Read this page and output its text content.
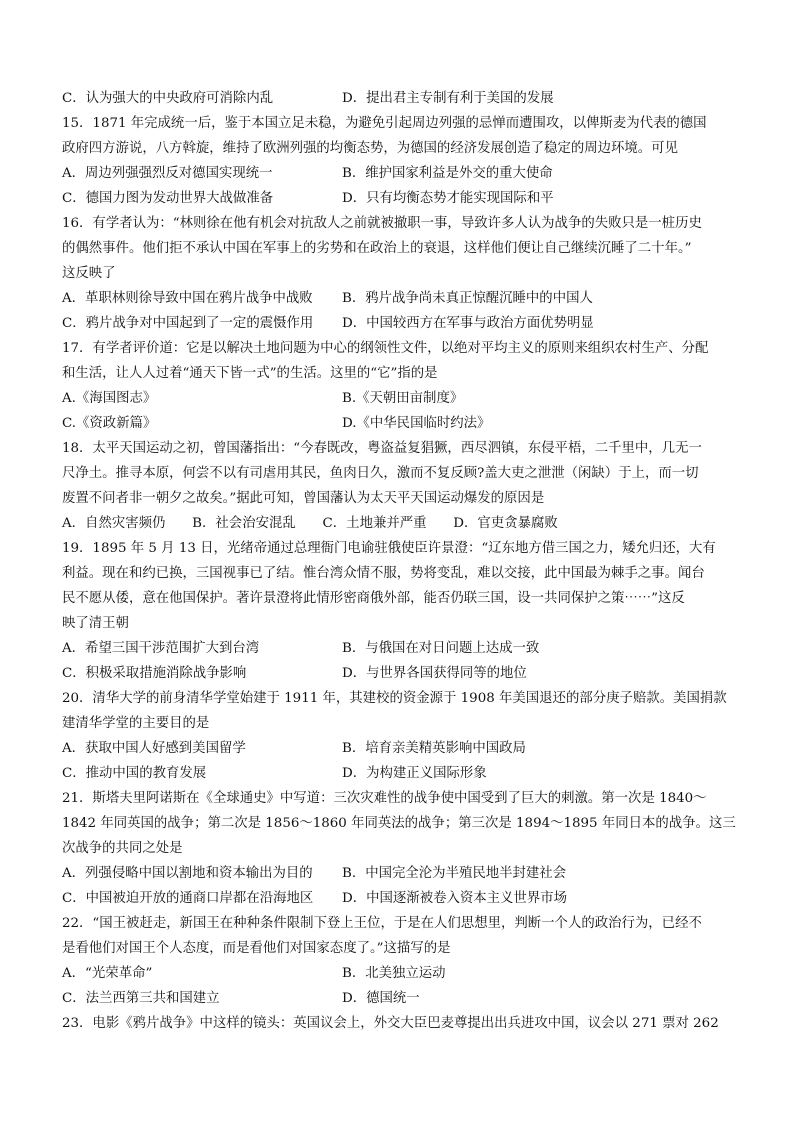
C．认为强大的中央政府可消除内乱	D．提出君主专制有利于美国的发展
15．1871 年完成统一后，鉴于本国立足未稳，为避免引起周边列强的忌惮而遭围攻，以俾斯麦为代表的德国
政府四方游说，八方斡旋，维持了欧洲列强的均衡态势，为德国的经济发展创造了稳定的周边环境。可见
A．周边列强强烈反对德国实现统一	B．维护国家利益是外交的重大使命
C．德国力图为发动世界大战做准备	D．只有均衡态势才能实现国际和平
16．有学者认为：“林则徐在他有机会对抗敌人之前就被撤职一事，导致许多人认为战争的失败只是一桩历史
的偶然事件。他们拒不承认中国在军事上的劣势和在政治上的衰退，这样他们便让自己继续沉睡了二十年。”
这反映了
A．革职林则徐导致中国在鸦片战争中战败 B．鸦片战争尚未真正惊醒沉睡中的中国人
C．鸦片战争对中国起到了一定的震慑作用 D．中国较西方在军事与政治方面优势明显
17．有学者评价道：它是以解决土地问题为中心的纲领性文件，以绝对平均主义的原则来组织农村生产、分配
和生活，让人人过着“通天下皆一式”的生活。这里的“它”指的是
A.《海国图志》	B.《天朝田亩制度》
C.《资政新篇》	D.《中华民国临时约法》
18．太平天国运动之初，曾国藩指出：“今春既改，粤盗益复猖獗，西尽泗镇，东侵平梧，二千里中，几无一
尺净土。推寻本原，何尝不以有司虐用其民，鱼肉日久，激而不复反顾?盖大吏之泄泄（闲缺）于上，而一切
废置不问者非一朝夕之故矣。”据此可知，曾国藩认为太天平天国运动爆发的原因是
A．自然灾害频仍　　B．社会治安混乱　　C．土地兼并严重　　D．官吏贪暴腐败
19．1895 年 5 月 13 日，光绪帝通过总理衙门电谕驻俄使臣许景澄：“辽东地方借三国之力，矮允归还，大有
利益。现在和约已换，三国视事已了结。惟台湾众情不服，势将变乱，难以交接，此中国最为棘手之事。闻台
民不愿从倭，意在他国保护。著许景澄将此情形密商俄外部，能否仍联三国，设一共同保护之策⋯⋯”这反
映了清王朝
A．希望三国干涉范围扩大到台湾	B．与俄国在对日问题上达成一致
C．积极采取措施消除战争影响	D．与世界各国获得同等的地位
20．清华大学的前身清华学堂始建于 1911 年，其建校的资金源于 1908 年美国退还的部分庚子赔款。美国捐款
建清华学堂的主要目的是
A．获取中国人好感到美国留学	B．培育亲美精英影响中国政局
C．推动中国的教育发展	D．为构建正义国际形象
21．斯塔夫里阿诺斯在《全球通史》中写道：三次灾难性的战争使中国受到了巨大的刺激。第一次是 1840～
1842 年同英国的战争；第二次是 1856～1860 年同英法的战争；第三次是 1894～1895 年同日本的战争。这三
次战争的共同之处是
A．列强侵略中国以割地和资本输出为目的 B．中国完全沦为半殖民地半封建社会
C．中国被迫开放的通商口岸都在沿海地区 D．中国逐渐被卷入资本主义世界市场
22．“国王被赶走，新国王在种种条件限制下登上王位，于是在人们思想里，判断一个人的政治行为，已经不
是看他们对国王个人态度，而是看他们对国家态度了。”这描写的是
A．“光荣革命”	B．北美独立运动
C．法兰西第三共和国建立	D．德国统一
23．电影《鸦片战争》中这样的镜头：英国议会上，外交大臣巴麦尊提出出兵进攻中国，议会以 271 票对 262
